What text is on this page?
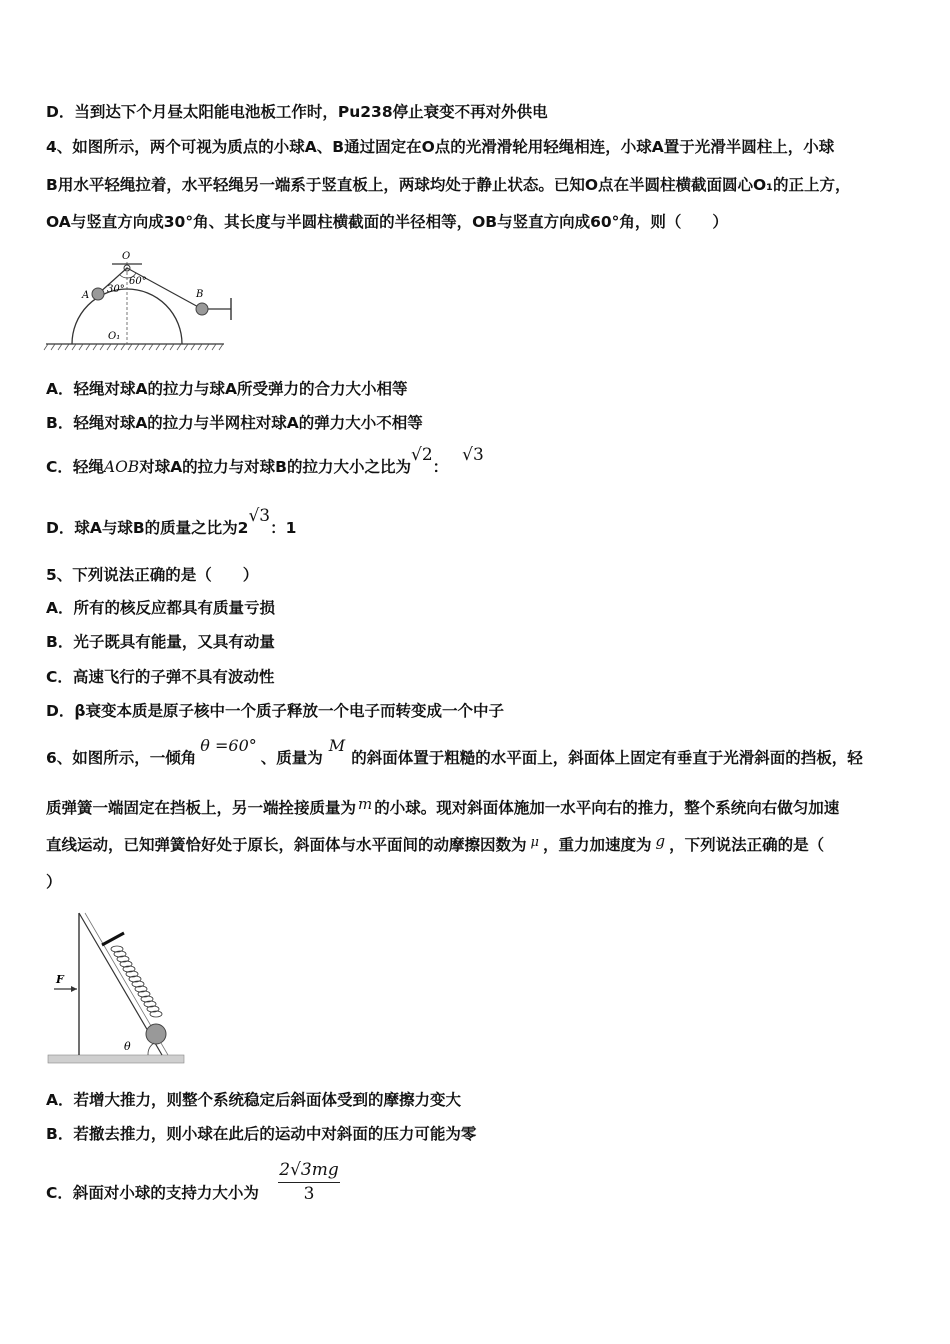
D．当到达下个月昼太阳能电池板工作时，Pu238停止衰变不再对外供电
4、如图所示，两个可视为质点的小球A、B通过固定在O点的光滑滑轮用轻绳相连，小球A置于光滑半圆柱上，小球
B用水平轻绳拉着，水平轻绳另一端系于竖直板上，两球均处于静止状态。已知O点在半圆柱横截面圆心O₁的正上方，
OA与竖直方向成30°角、其长度与半圆柱横截面的半径相等，OB与竖直方向成60°角，则（　　）
O
A	B
O₁
30°
60°
A．轻绳对球A的拉力与球A所受弹力的合力大小相等
B．轻绳对球A的拉力与半网柱对球A的弹力大小不相等
C．轻绳AOB对球A的拉力与对球B的拉力大小之比为√2：√3
D．球A与球B的质量之比为2√3：1
5、下列说法正确的是（　　）
A．所有的核反应都具有质量亏损
B．光子既具有能量，又具有动量
C．高速飞行的子弹不具有波动性
D．β衰变本质是原子核中一个质子释放一个电子而转变成一个中子
6、如图所示，一倾角θ =60°、质量为M的斜面体置于粗糙的水平面上，斜面体上固定有垂直于光滑斜面的挡板，轻
质弹簧一端固定在挡板上，另一端拴接质量为 m 的小球。现对斜面体施加一水平向右的推力，整个系统向右做匀加速
直线运动，已知弹簧恰好处于原长，斜面体与水平面间的动摩擦因数为 $^\mu$ ，重力加速度为 g ，下列说法正确的是（
）
F
θ
A．若增大推力，则整个系统稳定后斜面体受到的摩擦力变大
B．若撤去推力，则小球在此后的运动中对斜面的压力可能为零
C．斜面对小球的支持力大小为 $\frac{2√3mg}{3}$
